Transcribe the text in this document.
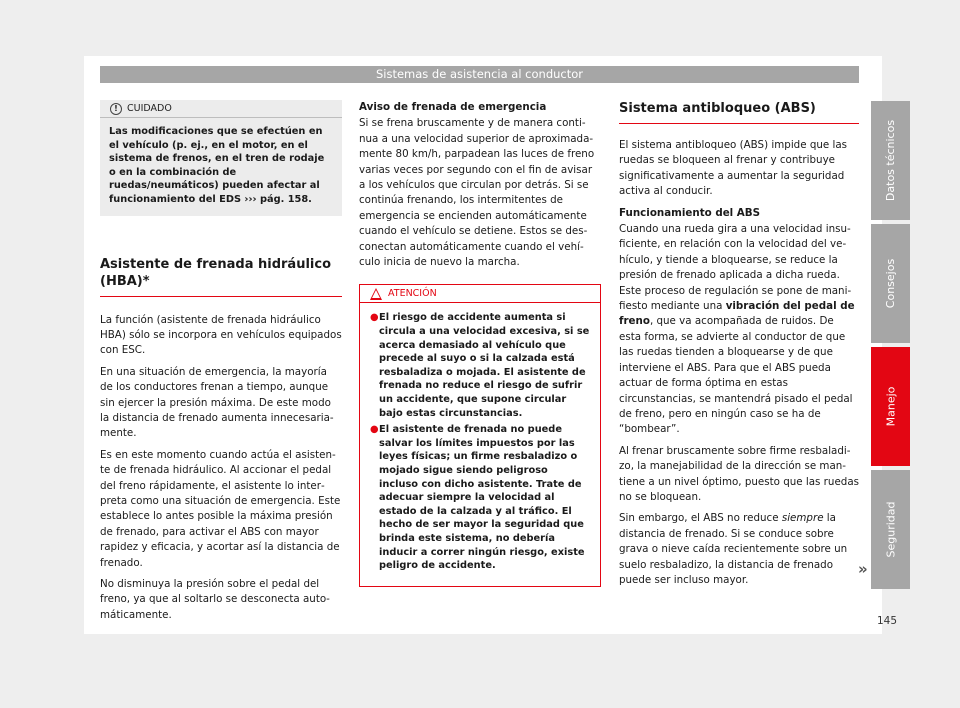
Sistemas de asistencia al conductor
! CUIDADO
Las modificaciones que se efectúen en el vehículo (p. ej., en el motor, en el sistema de frenos, en el tren de rodaje o en la combinación de ruedas/neumáticos) pueden afectar al funcionamiento del EDS ››› pág. 158.
Asistente de frenada hidráulico (HBA)*

La función (asistente de frenada hidráulico HBA) sólo se incorpora en vehículos equipados con ESC.

En una situación de emergencia, la mayoría de los conductores frenan a tiempo, aunque sin ejercer la presión máxima. De este modo la distancia de frenado aumenta innecesariamente.

Es en este momento cuando actúa el asistente de frenada hidráulico. Al accionar el pedal del freno rápidamente, el asistente lo interpreta como una situación de emergencia. Este establece lo antes posible la máxima presión de frenado, para activar el ABS con mayor rapidez y eficacia, y acortar así la distancia de frenado.

No disminuya la presión sobre el pedal del freno, ya que al soltarlo se desconecta automáticamente.

Aviso de frenada de emergencia

Si se frena bruscamente y de manera continua a una velocidad superior de aproximadamente 80 km/h, parpadean las luces de freno varias veces por segundo con el fin de avisar a los vehículos que circulan por detrás. Si se continúa frenando, los intermitentes de emergencia se encienden automáticamente cuando el vehículo se detiene. Estos se desconectan automáticamente cuando el vehículo inicia de nuevo la marcha.

ATENCIÓN
● El riesgo de accidente aumenta si circula a una velocidad excesiva, si se acerca demasiado al vehículo que precede al suyo o si la calzada está resbaladiza o mojada. El asistente de frenada no reduce el riesgo de sufrir un accidente, que supone circular bajo estas circunstancias.
● El asistente de frenada no puede salvar los límites impuestos por las leyes físicas; un firme resbaladizo o mojado sigue siendo peligroso incluso con dicho asistente. Trate de adecuar siempre la velocidad al estado de la calzada y al tráfico. El hecho de ser mayor la seguridad que brinda este sistema, no debería inducir a correr ningún riesgo, existe peligro de accidente.
Sistema antibloqueo (ABS)

El sistema antibloqueo (ABS) impide que las ruedas se bloqueen al frenar y contribuye significativamente a aumentar la seguridad activa al conducir.

Funcionamiento del ABS

Cuando una rueda gira a una velocidad insuficiente, en relación con la velocidad del vehículo, y tiende a bloquearse, se reduce la presión de frenado aplicada a dicha rueda. Este proceso de regulación se pone de manifiesto mediante una vibración del pedal de freno, que va acompañada de ruidos. De esta forma, se advierte al conductor de que las ruedas tienden a bloquearse y de que interviene el ABS. Para que el ABS pueda actuar de forma óptima en estas circunstancias, se mantendrá pisado el pedal de freno, pero en ningún caso se ha de “bombear”.

Al frenar bruscamente sobre firme resbaladizo, la manejabilidad de la dirección se mantiene a un nivel óptimo, puesto que las ruedas no se bloquean.

Sin embargo, el ABS no reduce siempre la distancia de frenado. Si se conduce sobre grava o nieve caída recientemente sobre un suelo resbaladizo, la distancia de frenado puede ser incluso mayor.

»
Datos técnicos
Consejos
Manejo
Seguridad
145
